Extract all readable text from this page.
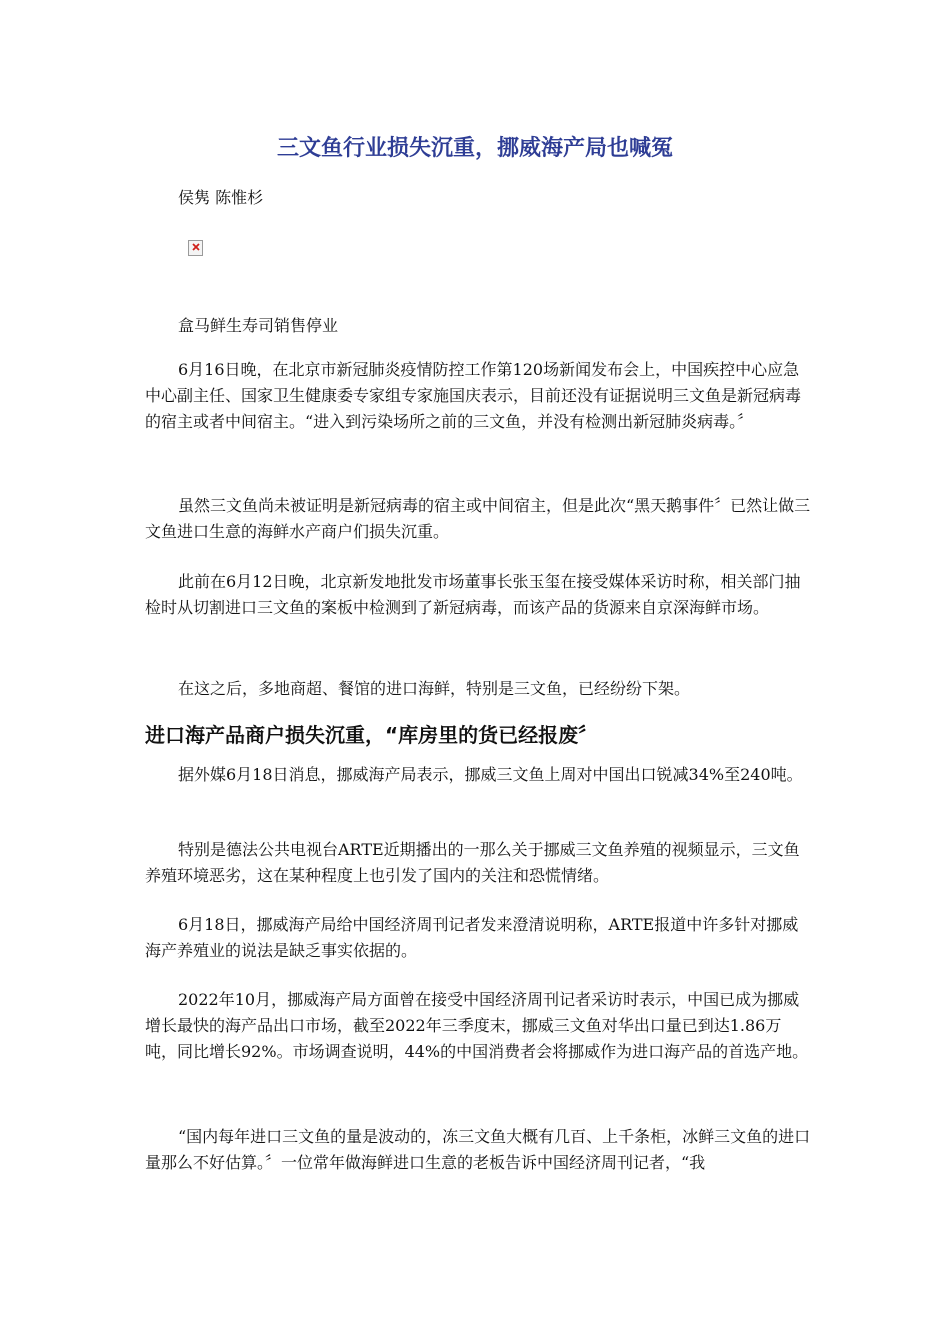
三文鱼行业损失沉重，挪威海产局也喊冤

侯隽 陈惟杉

盒马鲜生寿司销售停业

6月16日晚，在北京市新冠肺炎疫情防控工作第120场新闻发布会上，中国疾控中心应急中心副主任、国家卫生健康委专家组专家施国庆表示，目前还没有证据说明三文鱼是新冠病毒的宿主或者中间宿主。“进入到污染场所之前的三文鱼，并没有检测出新冠肺炎病毒。〞

虽然三文鱼尚未被证明是新冠病毒的宿主或中间宿主，但是此次“黑天鹅事件〞已然让做三文鱼进口生意的海鲜水产商户们损失沉重。

此前在6月12日晚，北京新发地批发市场董事长张玉玺在接受媒体采访时称，相关部门抽检时从切割进口三文鱼的案板中检测到了新冠病毒，而该产品的货源来自京深海鲜市场。

在这之后，多地商超、餐馆的进口海鲜，特别是三文鱼，已经纷纷下架。

进口海产品商户损失沉重，“库房里的货已经报废〞

据外媒6月18日消息，挪威海产局表示，挪威三文鱼上周对中国出口锐减34%至240吨。

特别是德法公共电视台ARTE近期播出的一那么关于挪威三文鱼养殖的视频显示，三文鱼养殖环境恶劣，这在某种程度上也引发了国内的关注和恐慌情绪。

6月18日，挪威海产局给中国经济周刊记者发来澄清说明称，ARTE报道中许多针对挪威海产养殖业的说法是缺乏事实依据的。

2022年10月，挪威海产局方面曾在接受中国经济周刊记者采访时表示，中国已成为挪威增长最快的海产品出口市场，截至2022年三季度末，挪威三文鱼对华出口量已到达1.86万吨，同比增长92%。市场调查说明，44%的中国消费者会将挪威作为进口海产品的首选产地。

“国内每年进口三文鱼的量是波动的，冻三文鱼大概有几百、上千条柜，冰鲜三文鱼的进口量那么不好估算。〞一位常年做海鲜进口生意的老板告诉中国经济周刊记者，“我
